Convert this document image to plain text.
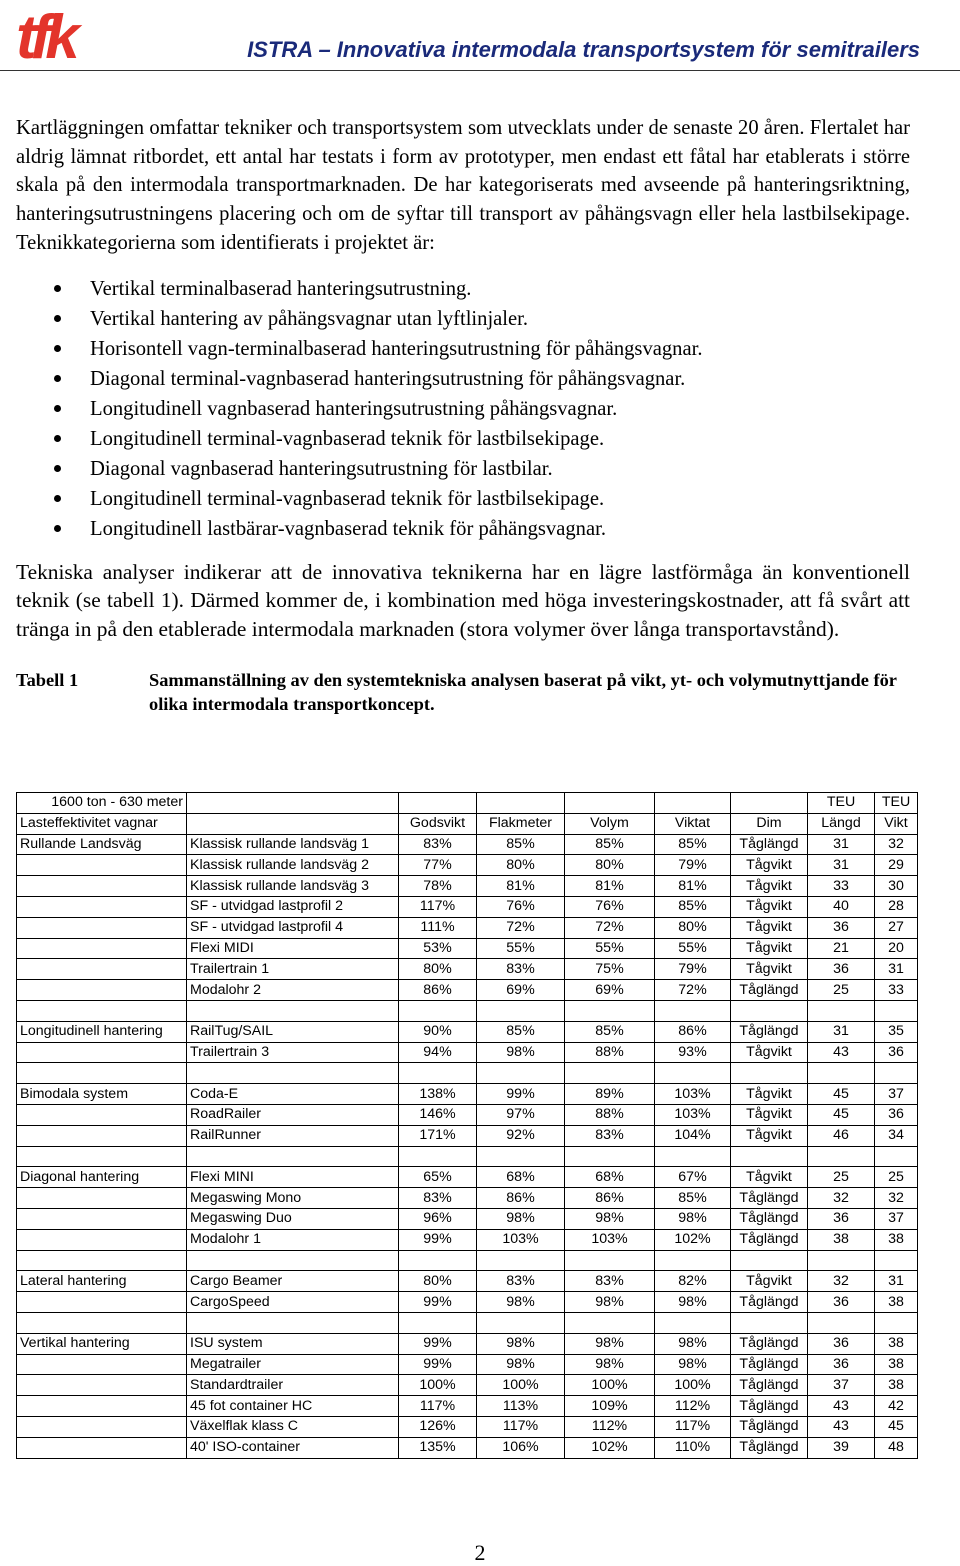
tfk	ISTRA – Innovativa intermodala transportsystem för semitrailers

Kartläggningen omfattar tekniker och transportsystem som utvecklats under de senaste 20 åren. Flertalet har aldrig lämnat ritbordet, ett antal har testats i form av prototyper, men endast ett fåtal har etablerats i större skala på den intermodala transportmarknaden. De har kategoriserats med avseende på hanteringsriktning, hanteringsutrustningens placering och om de syftar till transport av påhängsvagn eller hela lastbilsekipage. Teknikkategorierna som identifierats i projektet är:

Vertikal terminalbaserad hanteringsutrustning.
Vertikal hantering av påhängsvagnar utan lyftlinjaler.
Horisontell vagn-terminalbaserad hanteringsutrustning för påhängsvagnar.
Diagonal terminal-vagnbaserad hanteringsutrustning för påhängsvagnar.
Longitudinell vagnbaserad hanteringsutrustning påhängsvagnar.
Longitudinell terminal-vagnbaserad teknik för lastbilsekipage.
Diagonal vagnbaserad hanteringsutrustning för lastbilar.
Longitudinell terminal-vagnbaserad teknik för lastbilsekipage.
Longitudinell lastbärar-vagnbaserad teknik för påhängsvagnar.

Tekniska analyser indikerar att de innovativa teknikerna har en lägre lastförmåga än konventionell teknik (se tabell 1). Därmed kommer de, i kombination med höga investeringskostnader, att få svårt att tränga in på den etablerade intermodala marknaden (stora volymer över långa transportavstånd).

Tabell 1	Sammanställning av den systemtekniska analysen baserat på vikt, yt- och volymutnyttjande för olika intermodala transportkoncept.
1600 ton - 630 meter							TEU	TEU
Lasteffektivitet vagnar		Godsvikt	Flakmeter	Volym	Viktat	Dim	Längd	Vikt
Rullande Landsväg	Klassisk rullande landsväg 1	83%	85%	85%	85%	Tåglängd	31	32
	Klassisk rullande landsväg 2	77%	80%	80%	79%	Tågvikt	31	29
	Klassisk rullande landsväg 3	78%	81%	81%	81%	Tågvikt	33	30
	SF - utvidgad lastprofil 2	117%	76%	76%	85%	Tågvikt	40	28
	SF - utvidgad lastprofil 4	111%	72%	72%	80%	Tågvikt	36	27
	Flexi MIDI	53%	55%	55%	55%	Tågvikt	21	20
	Trailertrain 1	80%	83%	75%	79%	Tågvikt	36	31
	Modalohr 2	86%	69%	69%	72%	Tåglängd	25	33

Longitudinell hantering	RailTug/SAIL	90%	85%	85%	86%	Tåglängd	31	35
	Trailertrain 3	94%	98%	88%	93%	Tågvikt	43	36

Bimodala system	Coda-E	138%	99%	89%	103%	Tågvikt	45	37
	RoadRailer	146%	97%	88%	103%	Tågvikt	45	36
	RailRunner	171%	92%	83%	104%	Tågvikt	46	34

Diagonal hantering	Flexi MINI	65%	68%	68%	67%	Tågvikt	25	25
	Megaswing Mono	83%	86%	86%	85%	Tåglängd	32	32
	Megaswing Duo	96%	98%	98%	98%	Tåglängd	36	37
	Modalohr 1	99%	103%	103%	102%	Tåglängd	38	38

Lateral hantering	Cargo Beamer	80%	83%	83%	82%	Tågvikt	32	31
	CargoSpeed	99%	98%	98%	98%	Tåglängd	36	38

Vertikal hantering	ISU system	99%	98%	98%	98%	Tåglängd	36	38
	Megatrailer	99%	98%	98%	98%	Tåglängd	36	38
	Standardtrailer	100%	100%	100%	100%	Tåglängd	37	38
	45 fot container HC	117%	113%	109%	112%	Tåglängd	43	42
	Växelflak klass C	126%	117%	112%	117%	Tåglängd	43	45
	40' ISO-container	135%	106%	102%	110%	Tåglängd	39	48
2
